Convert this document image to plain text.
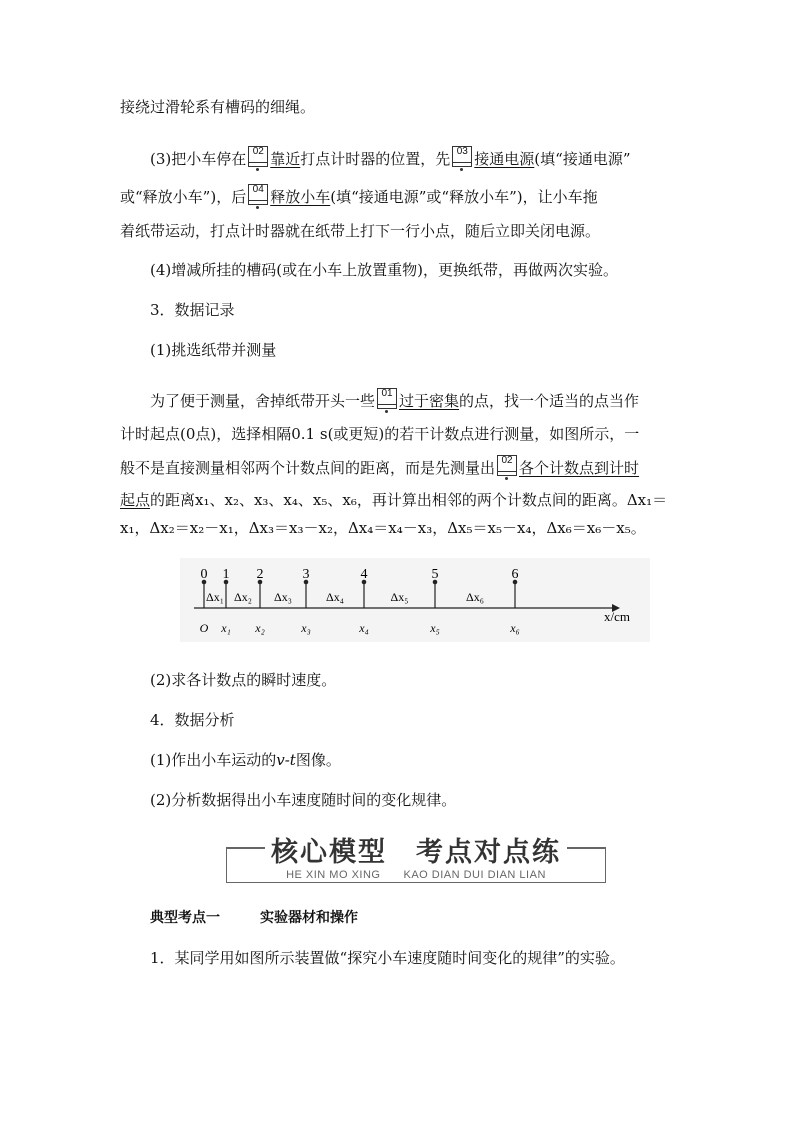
接绕过滑轮系有槽码的细绳。
(3)把小车停在 02 靠近打点计时器的位置，先 03 接通电源(填“接通电源”
或“释放小车”)，后 04 释放小车(填“接通电源”或“释放小车”)，让小车拖
着纸带运动，打点计时器就在纸带上打下一行小点，随后立即关闭电源。
(4)增减所挂的槽码(或在小车上放置重物)，更换纸带，再做两次实验。
3．数据记录
(1)挑选纸带并测量
为了便于测量，舍掉纸带开头一些 01 过于密集的点，找一个适当的点当作
计时起点(0点)，选择相隔0.1 s(或更短)的若干计数点进行测量，如图所示，一
般不是直接测量相邻两个计数点间的距离，而是先测量出 02 各个计数点到计时
起点的距离x₁、x₂、x₃、x₄、x₅、x₆，再计算出相邻的两个计数点间的距离。Δx₁＝
x₁，Δx₂＝x₂－x₁，Δx₃＝x₃－x₂，Δx₄＝x₄－x₃，Δx₅＝x₅－x₄，Δx₆＝x₆－x₅。
0
O
1
x₁
Δx₁
2
x₂
Δx₂
3
x₃
Δx₃
4
x₄
Δx₄
5
x₅
Δx₅
6
x₆
Δx₆
x/cm
(2)求各计数点的瞬时速度。
4．数据分析
(1)作出小车运动的v-t图像。
(2)分析数据得出小车速度随时间的变化规律。
核心模型　考点对点练
HE XIN MO XING　　KAO DIAN DUI DIAN LIAN
典型考点一	实验器材和操作
1．某同学用如图所示装置做“探究小车速度随时间变化的规律”的实验。
